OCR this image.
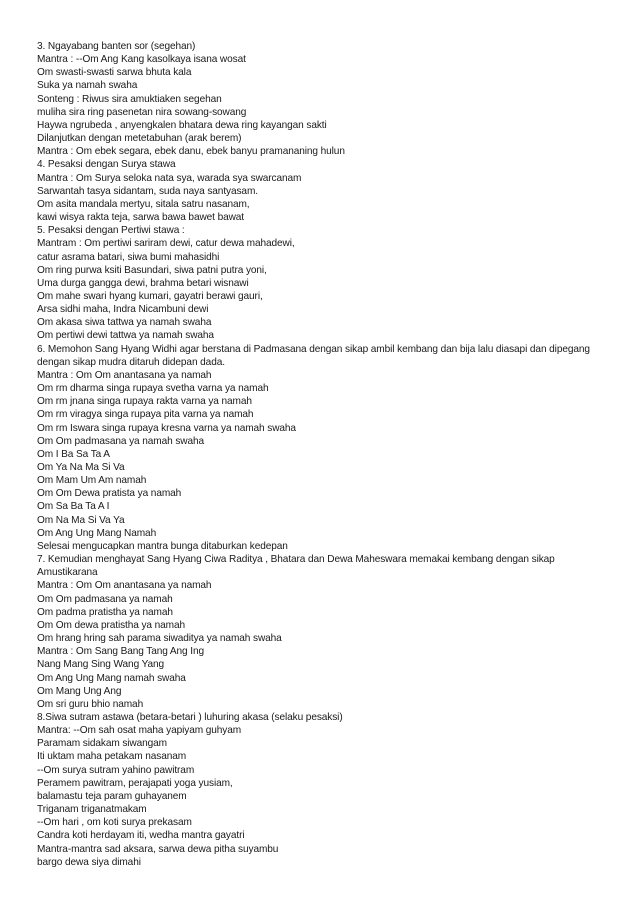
3. Ngayabang banten sor (segehan)
Mantra : --Om Ang Kang kasolkaya isana wosat
Om swasti-swasti sarwa bhuta kala
Suka ya namah swaha
Sonteng : Riwus sira amuktiaken segehan
muliha sira ring pasenetan nira sowang-sowang
Haywa ngrubeda , anyengkalen bhatara dewa ring kayangan sakti
Dilanjutkan dengan metetabuhan (arak berem)
Mantra : Om ebek segara, ebek danu, ebek banyu pramananing hulun
4. Pesaksi dengan Surya stawa
Mantra : Om Surya seloka nata sya, warada sya swarcanam
Sarwantah tasya sidantam, suda naya santyasam.
Om asita mandala mertyu, sitala satru nasanam,
kawi wisya rakta teja, sarwa bawa bawet bawat
5. Pesaksi dengan Pertiwi stawa :
Mantram : Om pertiwi sariram dewi, catur dewa mahadewi,
catur asrama batari, siwa bumi mahasidhi
Om ring purwa ksiti Basundari, siwa patni putra yoni,
Uma durga gangga dewi, brahma betari wisnawi
Om mahe swari hyang kumari, gayatri berawi gauri,
Arsa sidhi maha, Indra Nicambuni dewi
Om akasa siwa tattwa ya namah swaha
Om pertiwi dewi tattwa ya namah swaha
6. Memohon Sang Hyang Widhi agar berstana di Padmasana dengan sikap ambil kembang dan bija lalu diasapi dan dipegang
dengan sikap mudra ditaruh didepan dada.
Mantra : Om Om anantasana ya namah
Om rm dharma singa rupaya svetha varna ya namah
Om rm jnana singa rupaya rakta varna ya namah
Om rm viragya singa rupaya pita varna ya namah
Om rm Iswara singa rupaya kresna varna ya namah swaha
Om Om padmasana ya namah swaha
Om I Ba Sa Ta A
Om Ya Na Ma Si Va
Om Mam Um Am namah
Om Om Dewa pratista ya namah
Om Sa Ba Ta A I
Om Na Ma Si Va Ya
Om Ang Ung Mang Namah
Selesai mengucapkan mantra bunga ditaburkan kedepan
7. Kemudian menghayat Sang Hyang Ciwa Raditya , Bhatara dan Dewa Maheswara memakai kembang dengan sikap
Amustikarana
Mantra : Om Om anantasana ya namah
Om Om padmasana ya namah
Om padma pratistha ya namah
Om Om dewa pratistha ya namah
Om hrang hring sah parama siwaditya ya namah swaha
Mantra : Om Sang Bang Tang Ang Ing
Nang Mang Sing Wang Yang
Om Ang Ung Mang namah swaha
Om Mang Ung Ang
Om sri guru bhio namah
8.Siwa sutram astawa (betara-betari ) luhuring akasa (selaku pesaksi)
Mantra: --Om sah osat maha yapiyam guhyam
Paramam sidakam siwangam
Iti uktam maha petakam nasanam
--Om surya sutram yahino pawitram
Peramem pawitram, perajapati yoga yusiam,
balamastu teja param guhayanem
Triganam triganatmakam
--Om hari , om koti surya prekasam
Candra koti herdayam iti, wedha mantra gayatri
Mantra-mantra sad aksara, sarwa dewa pitha suyambu
bargo dewa siya dimahi
